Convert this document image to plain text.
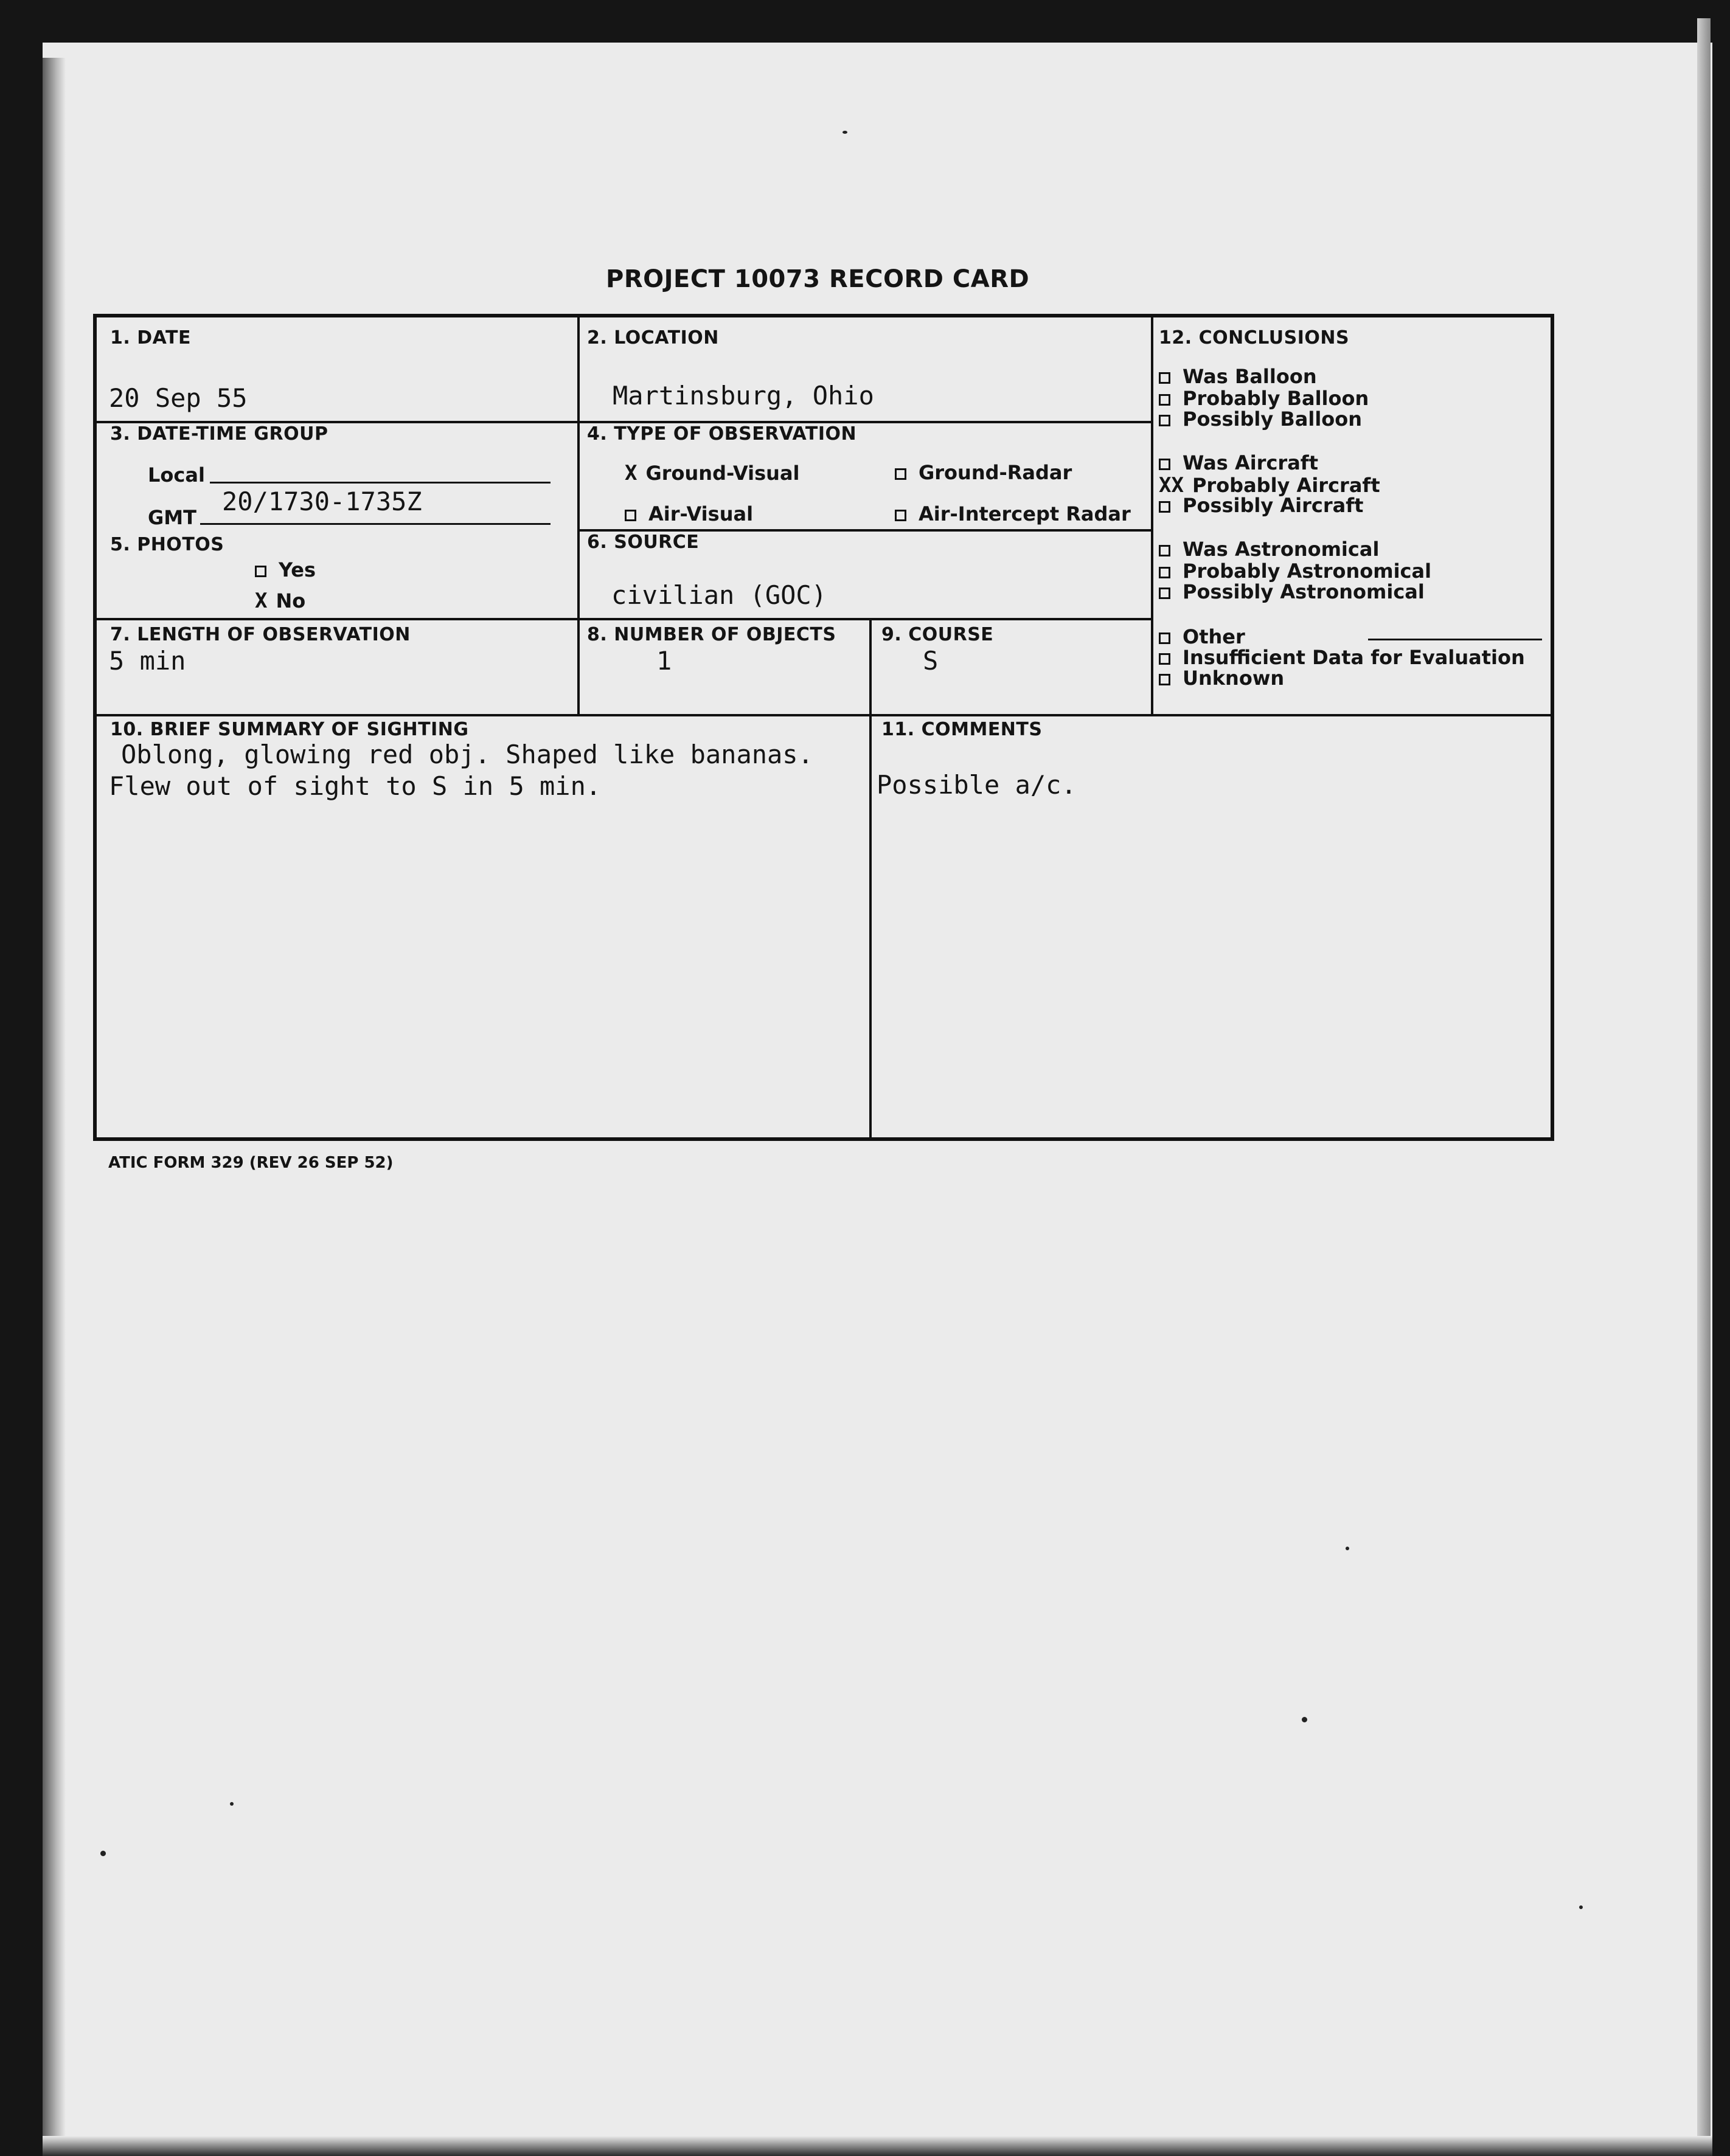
PROJECT 10073 RECORD CARD
1. DATE
20 Sep 55
2. LOCATION
Martinsburg, Ohio
12. CONCLUSIONS
Was Balloon
Probably Balloon
Possibly Balloon
Was Aircraft
XX Probably Aircraft
Possibly Aircraft
Was Astronomical
Probably Astronomical
Possibly Astronomical
Other
Insufficient Data for Evaluation
Unknown
3. DATE-TIME GROUP
Local
GMT
20/1730-1735Z
4. TYPE OF OBSERVATION
X Ground-Visual	Ground-Radar
Air-Visual	Air-Intercept Radar
5. PHOTOS
Yes
X No
6. SOURCE
civilian (GOC)
7. LENGTH OF OBSERVATION
5 min
8. NUMBER OF OBJECTS
1
9. COURSE
S
10. BRIEF SUMMARY OF SIGHTING
Oblong, glowing red obj. Shaped like bananas.
Flew out of sight to S in 5 min.
11. COMMENTS
Possible a/c.
ATIC FORM 329 (REV 26 SEP 52)
